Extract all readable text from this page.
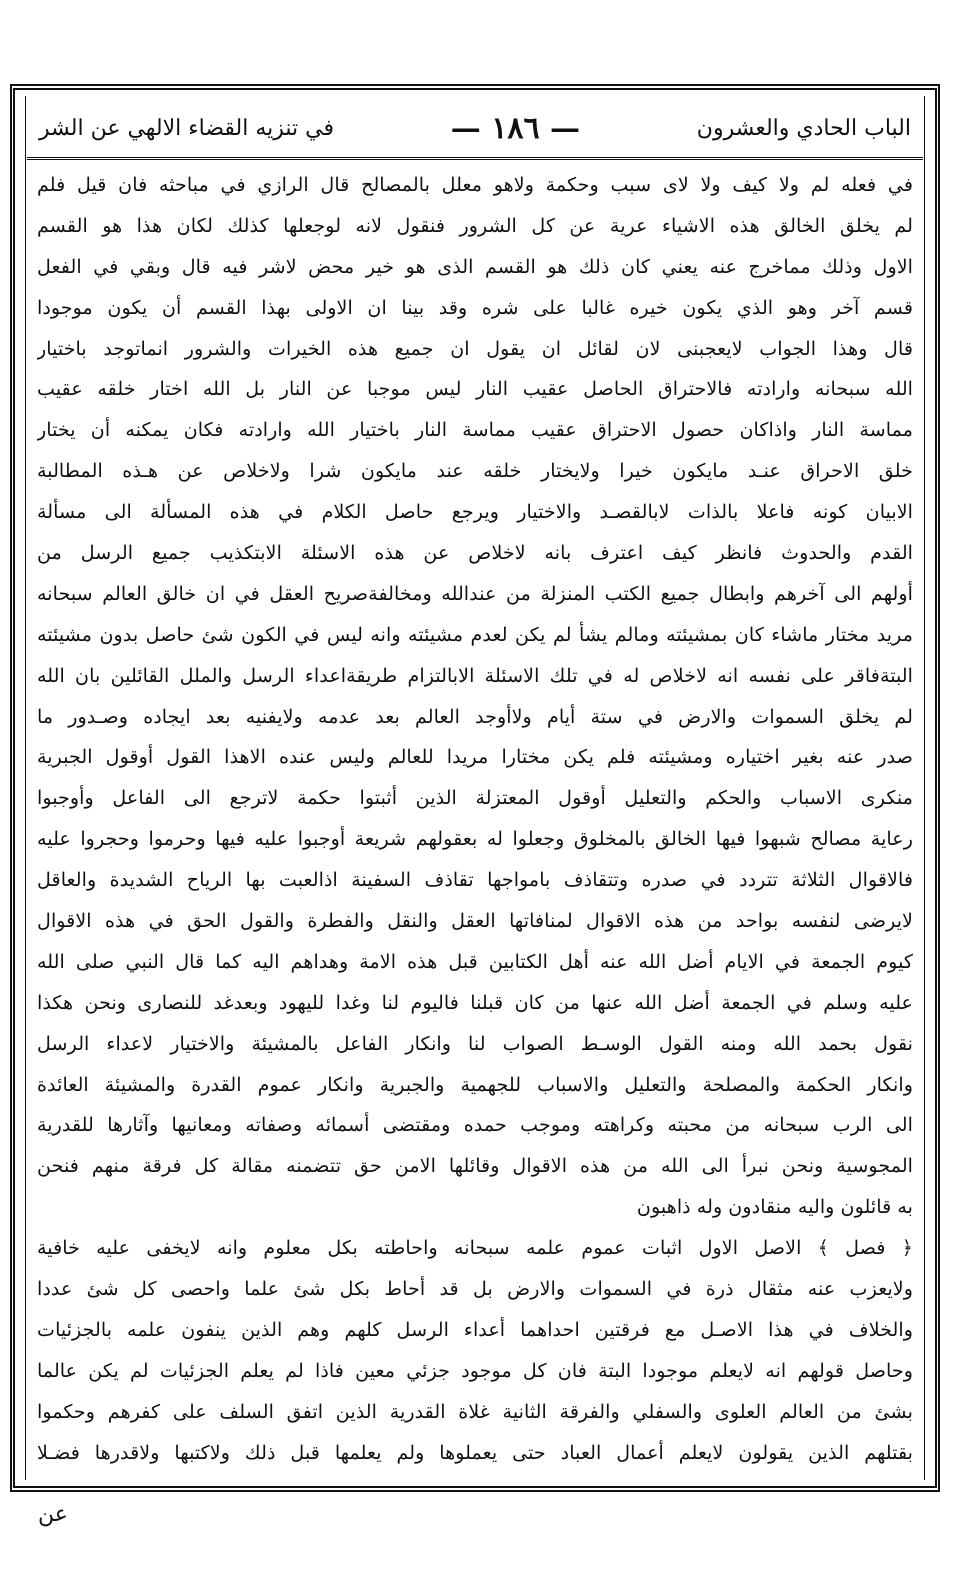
الباب الحادي والعشرون
— ١٨٦ —
في تنزيه القضاء الالهي عن الشر
في فعله لم ولا كيف ولا لاى سبب وحكمة ولاهو معلل بالمصالح قال الرازي في مباحثه فان قيل فلم
لم يخلق الخالق هذه الاشياء عرية عن كل الشرور فنقول لانه لوجعلها كذلك لكان هذا هو القسم
الاول وذلك مماخرج عنه يعني كان ذلك هو القسم الذى هو خير محض لاشر فيه قال وبقي في الفعل
قسم آخر وهو الذي يكون خيره غالبا على شره وقد بينا ان الاولى بهذا القسم أن يكون موجودا
قال وهذا الجواب لايعجبنى لان لقائل ان يقول ان جميع هذه الخيرات والشرور انماتوجد باختيار
الله سبحانه وارادته فالاحتراق الحاصل عقيب النار ليس موجبا عن النار بل الله اختار خلقه عقيب
مماسة النار واذاكان حصول الاحتراق عقيب مماسة النار باختيار الله وارادته فكان يمكنه أن يختار
خلق الاحراق عنـد مايكون خيرا ولايختار خلقه عند مايكون شرا ولاخلاص عن هـذه المطالبة
الابيان كونه فاعلا بالذات لابالقصـد والاختيار ويرجع حاصل الكلام في هذه المسألة الى مسألة
القدم والحدوث فانظر كيف اعترف بانه لاخلاص عن هذه الاسئلة الابتكذيب جميع الرسل من
أولهم الى آخرهم وابطال جميع الكتب المنزلة من عندالله ومخالفةصريح العقل في ان خالق العالم سبحانه
مريد مختار ماشاء كان بمشيئته ومالم يشأ لم يكن لعدم مشيئته وانه ليس في الكون شئ حاصل بدون مشيئته
البتةفاقر على نفسه انه لاخلاص له في تلك الاسئلة الابالتزام طريقةاعداء الرسل والملل القائلين بان الله
لم يخلق السموات والارض في ستة أيام ولاأوجد العالم بعد عدمه ولايفنيه بعد ايجاده وصـدور ما
صدر عنه بغير اختياره ومشيئته فلم يكن مختارا مريدا للعالم وليس عنده الاهذا القول أوقول الجبرية
منكرى الاسباب والحكم والتعليل أوقول المعتزلة الذين أثبتوا حكمة لاترجع الى الفاعل وأوجبوا
رعاية مصالح شبهوا فيها الخالق بالمخلوق وجعلوا له بعقولهم شريعة أوجبوا عليه فيها وحرموا وحجروا عليه
فالاقوال الثلاثة تتردد في صدره وتتقاذف بامواجها تقاذف السفينة اذالعبت بها الرياح الشديدة والعاقل
لايرضى لنفسه بواحد من هذه الاقوال لمنافاتها العقل والنقل والفطرة والقول الحق في هذه الاقوال
كيوم الجمعة في الايام أضل الله عنه أهل الكتابين قبل هذه الامة وهداهم اليه كما قال النبي صلى الله
عليه وسلم في الجمعة أضل الله عنها من كان قبلنا فاليوم لنا وغدا لليهود وبعدغد للنصارى ونحن هكذا
نقول بحمد الله ومنه القول الوسـط الصواب لنا وانكار الفاعل بالمشيئة والاختيار لاعداء الرسل
وانكار الحكمة والمصلحة والتعليل والاسباب للجهمية والجبرية وانكار عموم القدرة والمشيئة العائدة
الى الرب سبحانه من محبته وكراهته وموجب حمده ومقتضى أسمائه وصفاته ومعانيها وآثارها للقدرية
المجوسية ونحن نبرأ الى الله من هذه الاقوال وقائلها الامن حق تتضمنه مقالة كل فرقة منهم فنحن
به قائلون واليه منقادون وله ذاهبون
﴿ فصل ﴾ الاصل الاول اثبات عموم علمه سبحانه واحاطته بكل معلوم وانه لايخفى عليه خافية
ولايعزب عنه مثقال ذرة في السموات والارض بل قد أحاط بكل شئ علما واحصى كل شئ عددا
والخلاف في هذا الاصـل مع فرقتين احداهما أعداء الرسل كلهم وهم الذين ينفون علمه بالجزئيات
وحاصل قولهم انه لايعلم موجودا البتة فان كل موجود جزئي معين فاذا لم يعلم الجزئيات لم يكن عالما
بشئ من العالم العلوى والسفلي والفرقة الثانية غلاة القدرية الذين اتفق السلف على كفرهم وحكموا
بقتلهم الذين يقولون لايعلم أعمال العباد حتى يعملوها ولم يعلمها قبل ذلك ولاكتبها ولاقدرها فضـلا
عن
